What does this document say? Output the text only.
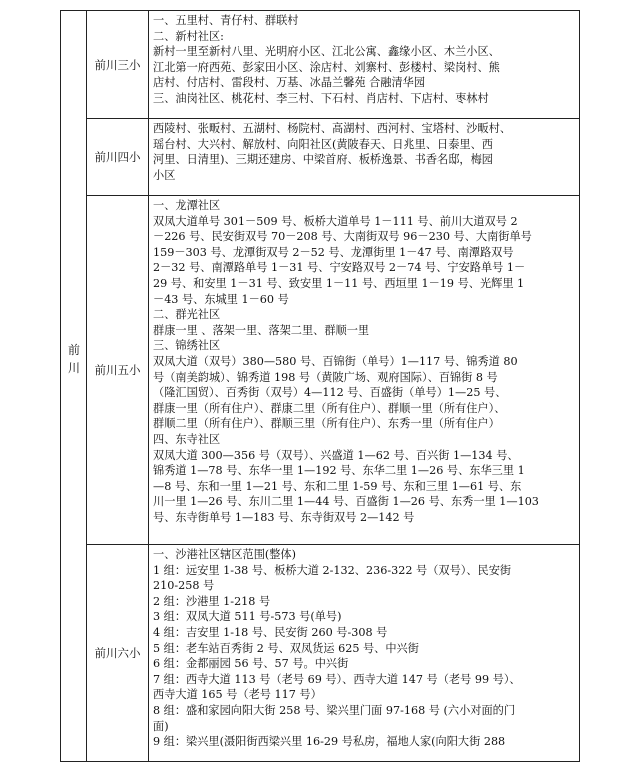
前
川
前川三小
一、五里村、青仔村、群联村
二、新村社区:
新村一里至新村八里、光明府小区、江北公寓、鑫缘小区、木兰小区、
江北第一府西苑、彭家田小区、涂店村、刘寨村、彭楼村、梁岗村、熊
店村、付店村、雷段村、万基、冰晶兰馨苑 合融清华园
三、油岗社区、桃花村、李三村、下石村、肖店村、下店村、枣林村
前川四小
西陵村、张畈村、五湖村、杨院村、高湖村、西河村、宝塔村、沙畈村、
瑶台村、大兴村、解放村、向阳社区(黄陂春天、日兆里、日泰里、西
河里、日清里)、三期还建房、中梁首府、板桥逸景、书香名邸，梅园
小区
前川五小
一、龙潭社区
双凤大道单号 301－509 号、板桥大道单号 1－111 号、前川大道双号 2
－226 号、民安街双号 70－208 号、大南街双号 96－230 号、大南街单号
159－303 号、龙潭街双号 2－52 号、龙潭街里 1－47 号、南潭路双号
2－32 号、南潭路单号 1－31 号、宁安路双号 2－74 号、宁安路单号 1－
29 号、和安里 1－31 号、致安里 1－11 号、西垣里 1－19 号、光辉里 1
－43 号、东城里 1－60 号
二、群光社区
群康一里 、落架一里、落架二里、群顺一里
三、锦绣社区
双凤大道（双号）380—580 号、百锦街（单号）1—117 号、锦秀道 80
号（南美韵城）、锦秀道 198 号（黄陂广场、观府国际）、百锦街 8 号
（隆汇国贸）、百秀街（双号）4—112 号、百盛街（单号）1—25 号、
群康一里（所有住户）、群康二里（所有住户）、群顺一里（所有住户）、
群顺二里（所有住户）、群顺三里（所有住户）、东秀一里（所有住户）
四、东寺社区
双凤大道 300—356 号（双号）、兴盛道 1—62 号、百兴街 1—134 号、
锦秀道 1—78 号、东华一里 1—192 号、东华二里 1—26 号、东华三里 1
—8 号、东和一里 1—21 号、东和二里 1-59 号、东和三里 1—61 号、东
川一里 1—26 号、东川二里 1—44 号、百盛街 1—26 号、东秀一里 1—103
号、东寺街单号 1—183 号、东寺街双号 2—142 号
前川六小
一、沙港社区辖区范围(整体)
1 组：远安里 1-38 号、板桥大道 2-132、236-322 号（双号）、民安街
210-258 号
2 组：沙港里 1-218 号
3 组：双凤大道 511 号-573 号(单号)
4 组：吉安里 1-18 号、民安街 260 号-308 号
5 组：老车站百秀街 2 号、双凤货运 625 号、中兴街
6 组：金都丽园 56 号、57 号。中兴街
7 组：西寺大道 113 号（老号 69 号）、西寺大道 147 号（老号 99 号）、
西寺大道 165 号（老号 117 号）
8 组：盛和家园向阳大街 258 号、梁兴里门面 97-168 号 (六小对面的门
面)
9 组：梁兴里(滠阳街西梁兴里 16-29 号私房，福地人家(向阳大街 288
